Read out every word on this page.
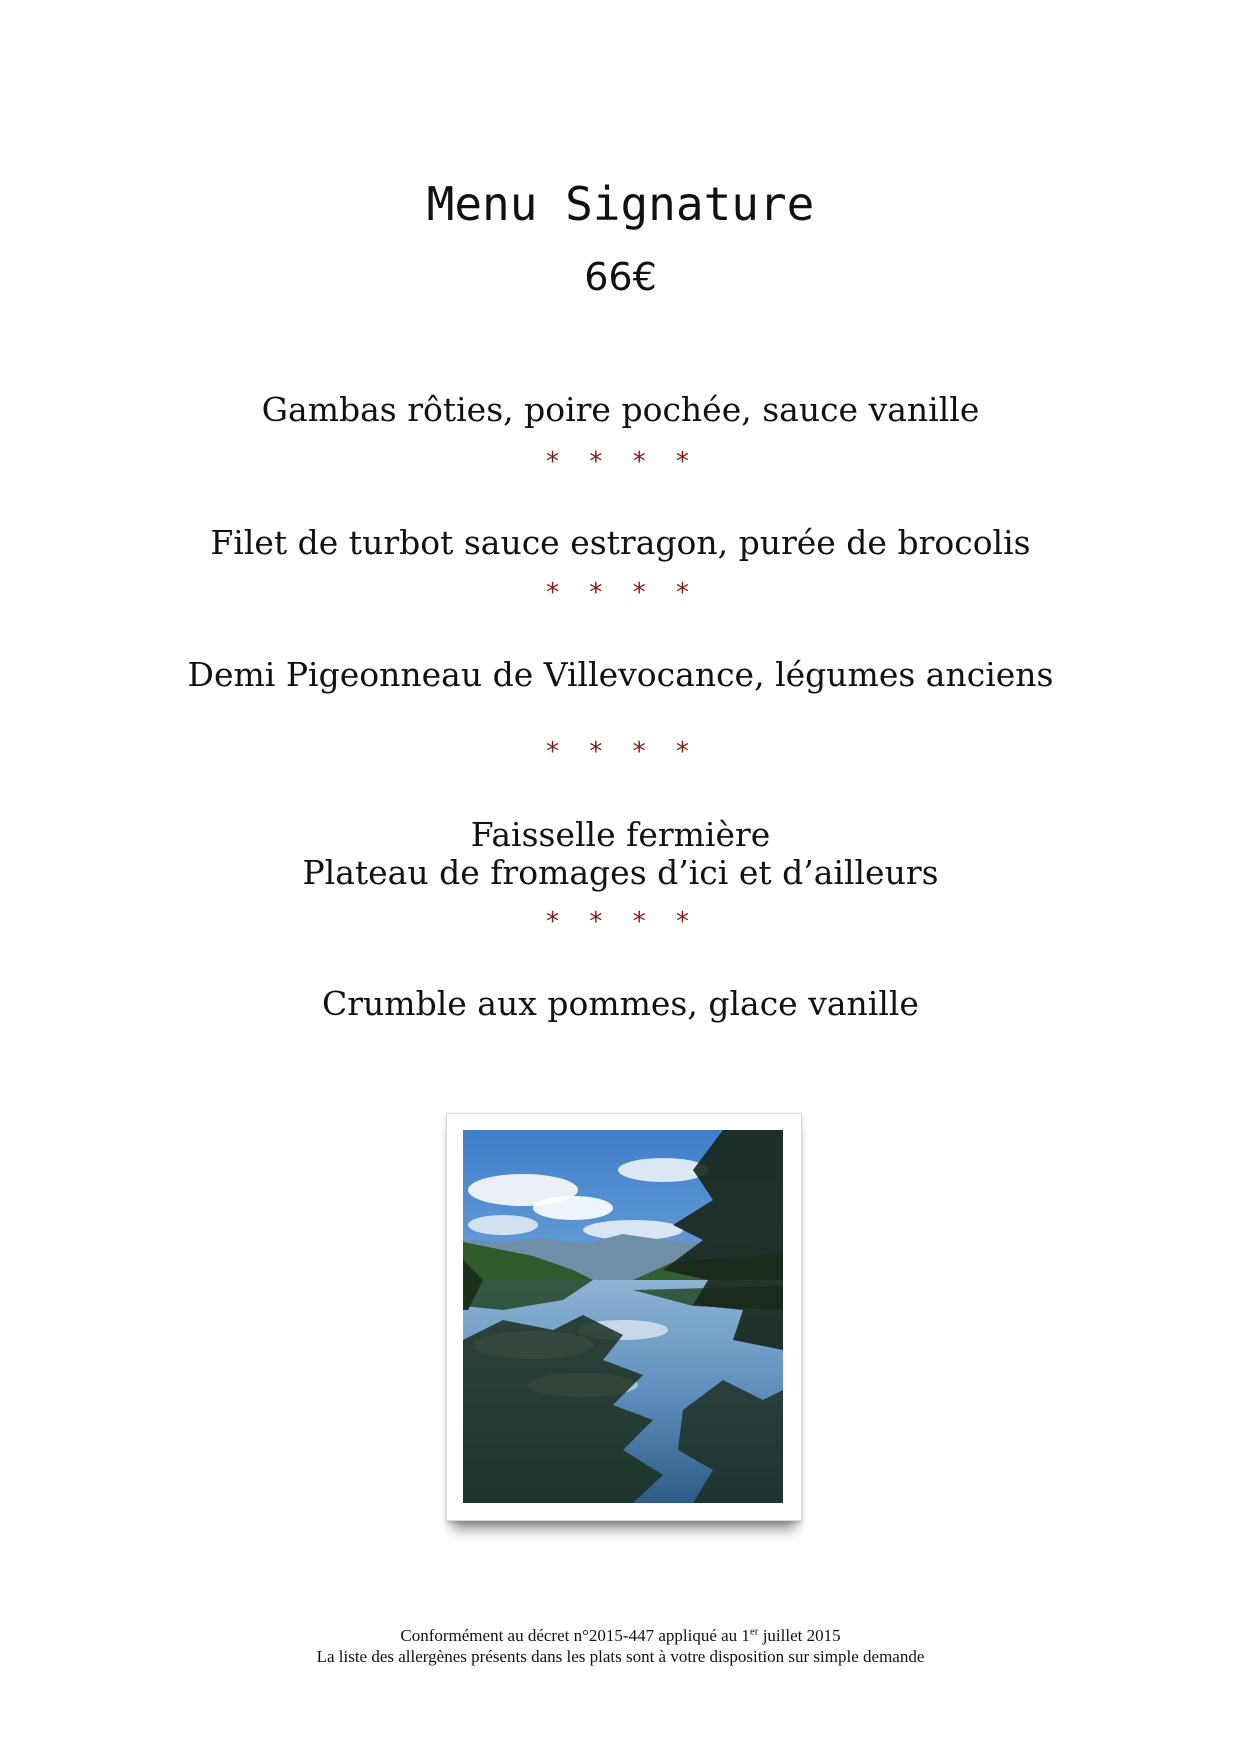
Menu Signature
66€
Gambas rôties, poire pochée, sauce vanille
* * * *
Filet de turbot sauce estragon, purée de brocolis
* * * *
Demi Pigeonneau de Villevocance, légumes anciens
* * * *
Faisselle fermière
Plateau de fromages d’ici et d’ailleurs
* * * *
Crumble aux pommes, glace vanille
Conformément au décret n°2015-447 appliqué au 1er juillet 2015
La liste des allergènes présents dans les plats sont à votre disposition sur simple demande
